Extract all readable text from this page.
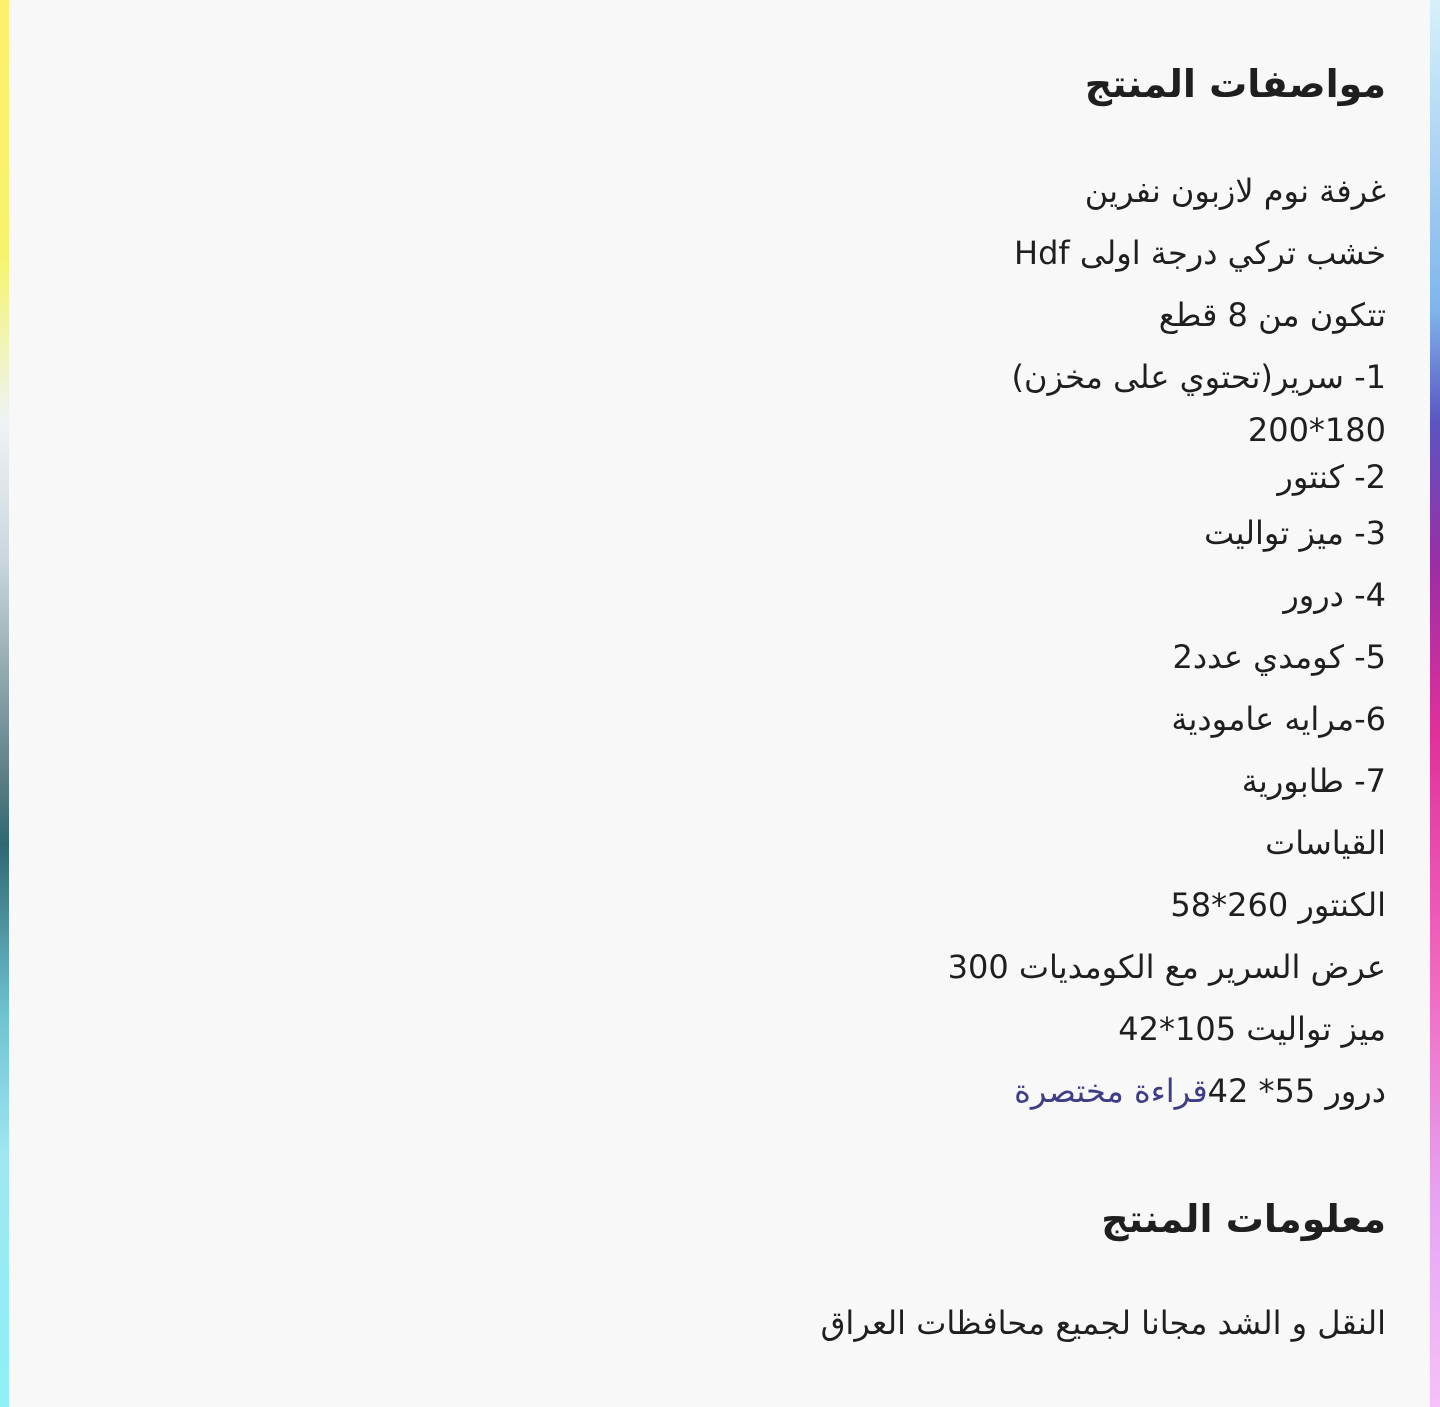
مواصفات المنتج

غرفة نوم لازبون نفرين

خشب تركي درجة اولى Hdf

تتكون من 8 قطع

1- سرير(تحتوي على مخزن)

180*200

2- كنتور

3- ميز تواليت

4- درور

5- كومدي عدد2

6-مرايه عامودية

7- طابورية

القياسات

الكنتور 260*58

عرض السرير مع الكومديات 300

ميز تواليت 105*42

درور 55* 42قراءة مختصرة

معلومات المنتج

النقل و الشد مجانا لجميع محافظات العراق
